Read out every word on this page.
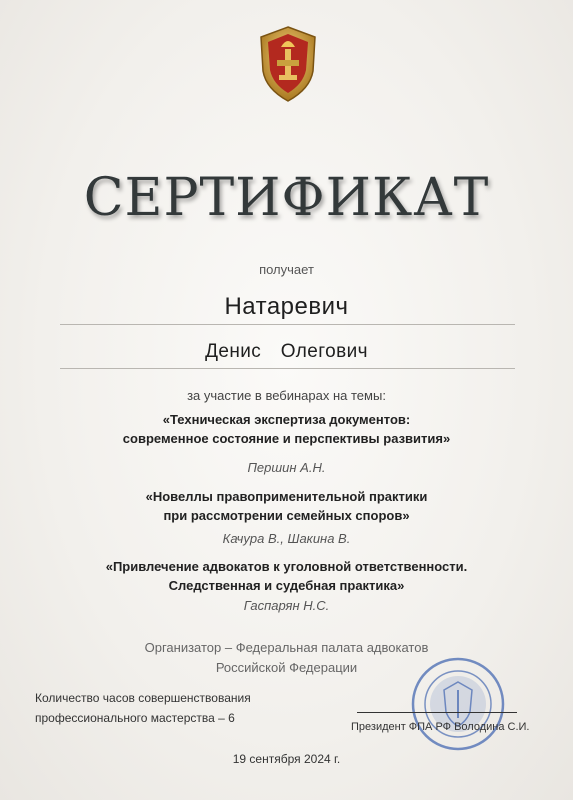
СЕРТИФИКАТ
получает
Натаревич
Денис Олегович
за участие в вебинарах на темы:
«Техническая экспертиза документов:
современное состояние и перспективы развития»
Першин А.Н.
«Новеллы правоприменительной практики
при рассмотрении семейных споров»
Качура В., Шакина В.
«Привлечение адвокатов к уголовной ответственности.
Следственная и судебная практика»
Гаспарян Н.С.
Организатор – Федеральная палата адвокатов
Российской Федерации
Количество часов совершенствования
профессионального мастерства – 6
Президент ФПА РФ Володина С.И.
19 сентября 2024 г.
